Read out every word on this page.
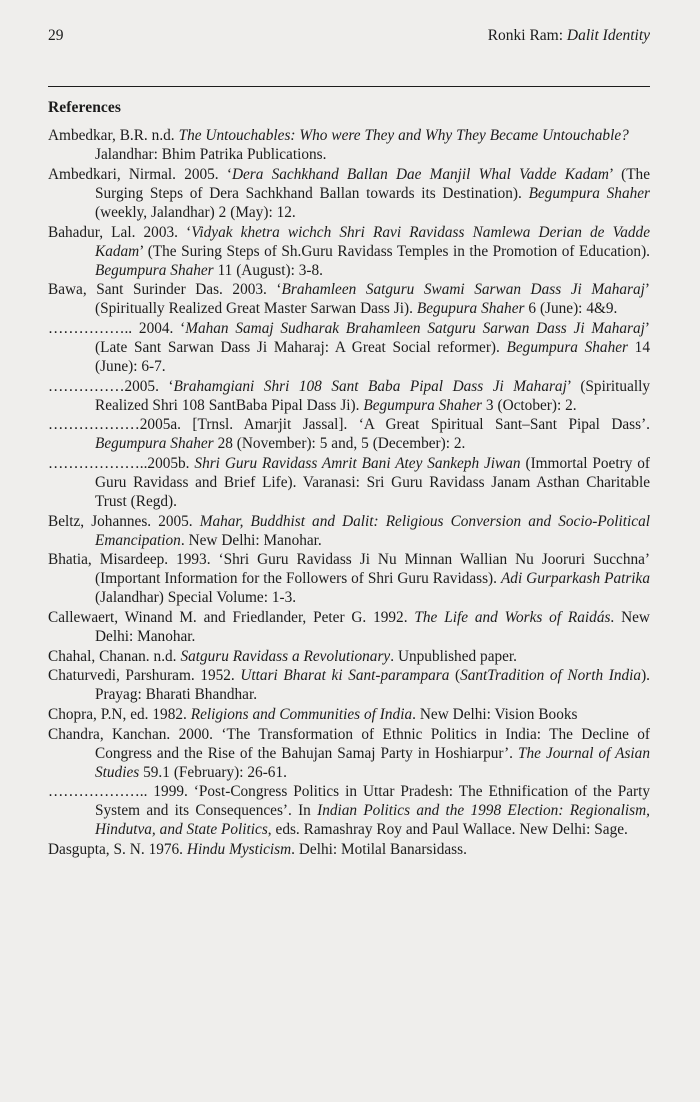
29	Ronki Ram: Dalit Identity
References
Ambedkar, B.R. n.d. The Untouchables: Who were They and Why They Became Untouchable? Jalandhar: Bhim Patrika Publications.
Ambedkari, Nirmal. 2005. ‘Dera Sachkhand Ballan Dae Manjil Whal Vadde Kadam’ (The Surging Steps of Dera Sachkhand Ballan towards its Destination). Begumpura Shaher (weekly, Jalandhar) 2 (May): 12.
Bahadur, Lal. 2003. ‘Vidyak khetra wichch Shri Ravi Ravidass Namlewa Derian de Vadde Kadam’ (The Suring Steps of Sh.Guru Ravidass Temples in the Promotion of Education). Begumpura Shaher 11 (August): 3-8.
Bawa, Sant Surinder Das. 2003. ‘Brahamleen Satguru Swami Sarwan Dass Ji Maharaj’ (Spiritually Realized Great Master Sarwan Dass Ji). Begupura Shaher 6 (June): 4&9.
…………….. 2004. ‘Mahan Samaj Sudharak Brahamleen Satguru Sarwan Dass Ji Maharaj’ (Late Sant Sarwan Dass Ji Maharaj: A Great Social reformer). Begumpura Shaher 14 (June): 6-7.
……………2005. ‘Brahamgiani Shri 108 Sant Baba Pipal Dass Ji Maharaj’ (Spiritually Realized Shri 108 SantBaba Pipal Dass Ji). Begumpura Shaher 3 (October): 2.
………………2005a. [Trnsl. Amarjit Jassal]. ‘A Great Spiritual Sant–Sant Pipal Dass’. Begumpura Shaher 28 (November): 5 and, 5 (December): 2.
………………..2005b. Shri Guru Ravidass Amrit Bani Atey Sankeph Jiwan (Immortal Poetry of Guru Ravidass and Brief Life). Varanasi: Sri Guru Ravidass Janam Asthan Charitable Trust (Regd).
Beltz, Johannes. 2005. Mahar, Buddhist and Dalit: Religious Conversion and Socio-Political Emancipation. New Delhi: Manohar.
Bhatia, Misardeep. 1993. ‘Shri Guru Ravidass Ji Nu Minnan Wallian Nu Jooruri Succhna’ (Important Information for the Followers of Shri Guru Ravidass). Adi Gurparkash Patrika (Jalandhar) Special Volume: 1-3.
Callewaert, Winand M. and Friedlander, Peter G. 1992. The Life and Works of Raidás. New Delhi: Manohar.
Chahal, Chanan. n.d. Satguru Ravidass a Revolutionary. Unpublished paper.
Chaturvedi, Parshuram. 1952. Uttari Bharat ki Sant-parampara (SantTradition of North India). Prayag: Bharati Bhandhar.
Chopra, P.N, ed. 1982. Religions and Communities of India. New Delhi: Vision Books
Chandra, Kanchan. 2000. ‘The Transformation of Ethnic Politics in India: The Decline of Congress and the Rise of the Bahujan Samaj Party in Hoshiarpur’. The Journal of Asian Studies 59.1 (February): 26-61.
……………….. 1999. ‘Post-Congress Politics in Uttar Pradesh: The Ethnification of the Party System and its Consequences’. In Indian Politics and the 1998 Election: Regionalism, Hindutva, and State Politics, eds. Ramashray Roy and Paul Wallace. New Delhi: Sage.
Dasgupta, S. N. 1976. Hindu Mysticism. Delhi: Motilal Banarsidass.
